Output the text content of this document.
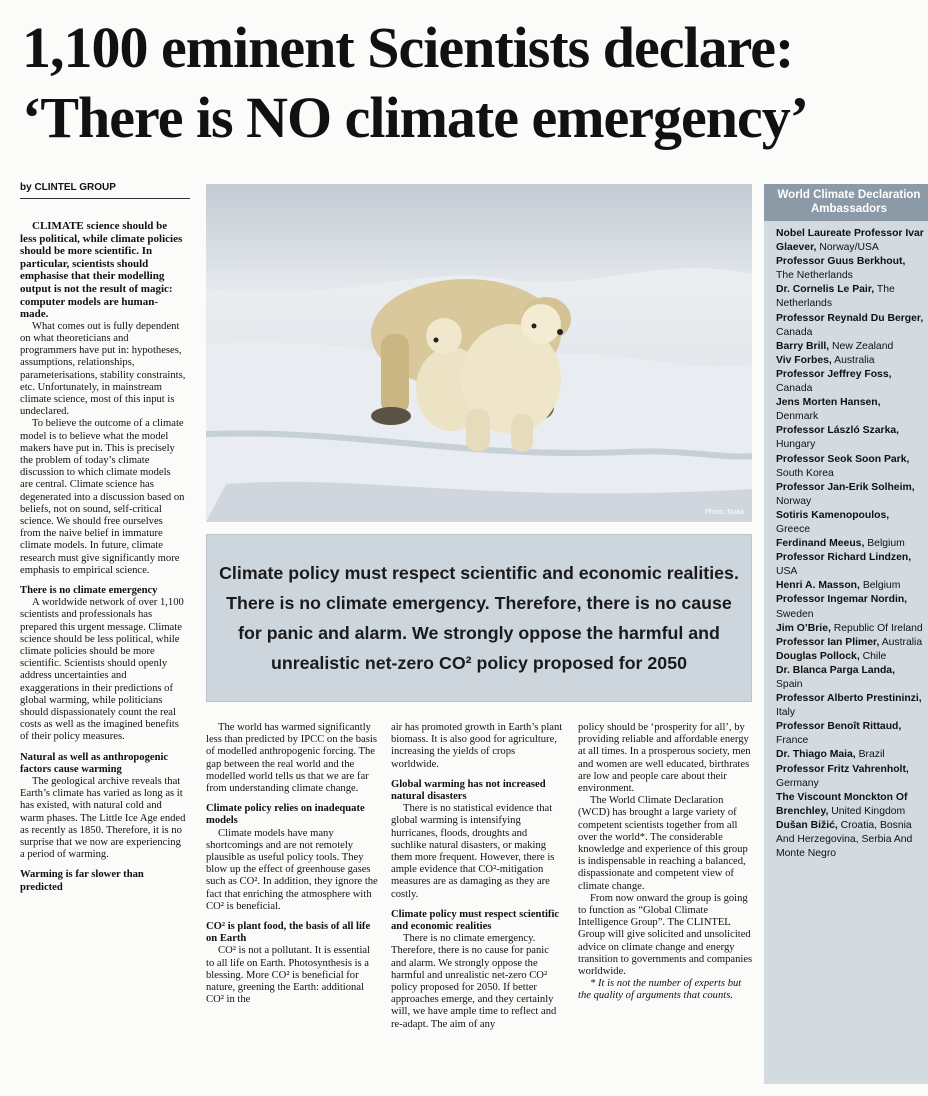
1,100 eminent Scientists declare:
‘There is NO climate emergency’
by CLINTEL GROUP

CLIMATE science should be less political, while climate policies should be more scientific. In particular, scientists should emphasise that their modelling output is not the result of magic: computer models are human-made.

What comes out is fully dependent on what theoreticians and programmers have put in: hypotheses, assumptions, relationships, parameterisations, stability constraints, etc. Unfortunately, in mainstream climate science, most of this input is undeclared.

To believe the outcome of a climate model is to believe what the model makers have put in. This is precisely the problem of today’s climate discussion to which climate models are central. Climate science has degenerated into a discussion based on beliefs, not on sound, self-critical science. We should free ourselves from the naive belief in immature climate models. In future, climate research must give significantly more emphasis to empirical science.

There is no climate emergency

A worldwide network of over 1,100 scientists and professionals has prepared this urgent message. Climate science should be less political, while climate policies should be more scientific. Scientists should openly address uncertainties and exaggerations in their predictions of global warming, while politicians should dispassionately count the real costs as well as the imagined benefits of their policy measures.

Natural as well as anthropogenic factors cause warming

The geological archive reveals that Earth’s climate has varied as long as it has existed, with natural cold and warm phases. The Little Ice Age ended as recently as 1850. Therefore, it is no surprise that we now are experiencing a period of warming.

Warming is far slower than predicted

Photo: Noaa

Climate policy must respect scientific and economic realities. There is no climate emergency. Therefore, there is no cause for panic and alarm. We strongly oppose the harmful and unrealistic net-zero CO² policy proposed for 2050

The world has warmed significantly less than predicted by IPCC on the basis of modelled anthropogenic forcing. The gap between the real world and the modelled world tells us that we are far from understanding climate change.

Climate policy relies on inadequate models

Climate models have many shortcomings and are not remotely plausible as useful policy tools. They blow up the effect of greenhouse gases such as CO². In addition, they ignore the fact that enriching the atmosphere with CO² is beneficial.

CO² is plant food, the basis of all life on Earth

CO² is not a pollutant. It is essential to all life on Earth. Photosynthesis is a blessing. More CO² is beneficial for nature, greening the Earth: additional CO² in the

air has promoted growth in Earth’s plant biomass. It is also good for agriculture, increasing the yields of crops worldwide.

Global warming has not increased natural disasters

There is no statistical evidence that global warming is intensifying hurricanes, floods, droughts and suchlike natural disasters, or making them more frequent. However, there is ample evidence that CO²-mitigation measures are as damaging as they are costly.

Climate policy must respect scientific and economic realities

There is no climate emergency. Therefore, there is no cause for panic and alarm. We strongly oppose the harmful and unrealistic net-zero CO² policy proposed for 2050. If better approaches emerge, and they certainly will, we have ample time to reflect and re-adapt. The aim of any

policy should be ‘prosperity for all’, by providing reliable and affordable energy at all times. In a prosperous society, men and women are well educated, birthrates are low and people care about their environment.

The World Climate Declaration (WCD) has brought a large variety of competent scientists together from all over the world*. The considerable knowledge and experience of this group is indispensable in reaching a balanced, dispassionate and competent view of climate change.

From now onward the group is going to function as “Global Climate Intelligence Group”. The CLINTEL Group will give solicited and unsolicited advice on climate change and energy transition to governments and companies worldwide.

* It is not the number of experts but the quality of arguments that counts.

World Climate Declaration
Ambassadors

Nobel Laureate Professor Ivar Glaever, Norway/USA

Professor Guus Berkhout, The Netherlands

Dr. Cornelis Le Pair, The Netherlands

Professor Reynald Du Berger, Canada

Barry Brill, New Zealand

Viv Forbes, Australia

Professor Jeffrey Foss, Canada

Jens Morten Hansen, Denmark

Professor László Szarka, Hungary

Professor Seok Soon Park, South Korea

Professor Jan-Erik Solheim, Norway

Sotiris Kamenopoulos, Greece

Ferdinand Meeus, Belgium

Professor Richard Lindzen, USA

Henri A. Masson, Belgium

Professor Ingemar Nordin, Sweden

Jim O’Brie, Republic Of Ireland

Professor Ian Plimer, Australia

Douglas Pollock, Chile

Dr. Blanca Parga Landa, Spain

Professor Alberto Prestininzi, Italy

Professor Benoît Rittaud, France

Dr. Thiago Maia, Brazil

Professor Fritz Vahrenholt, Germany

The Viscount Monckton Of Brenchley, United Kingdom

Dušan Bižić, Croatia, Bosnia And Herzegovina, Serbia And Monte Negro
